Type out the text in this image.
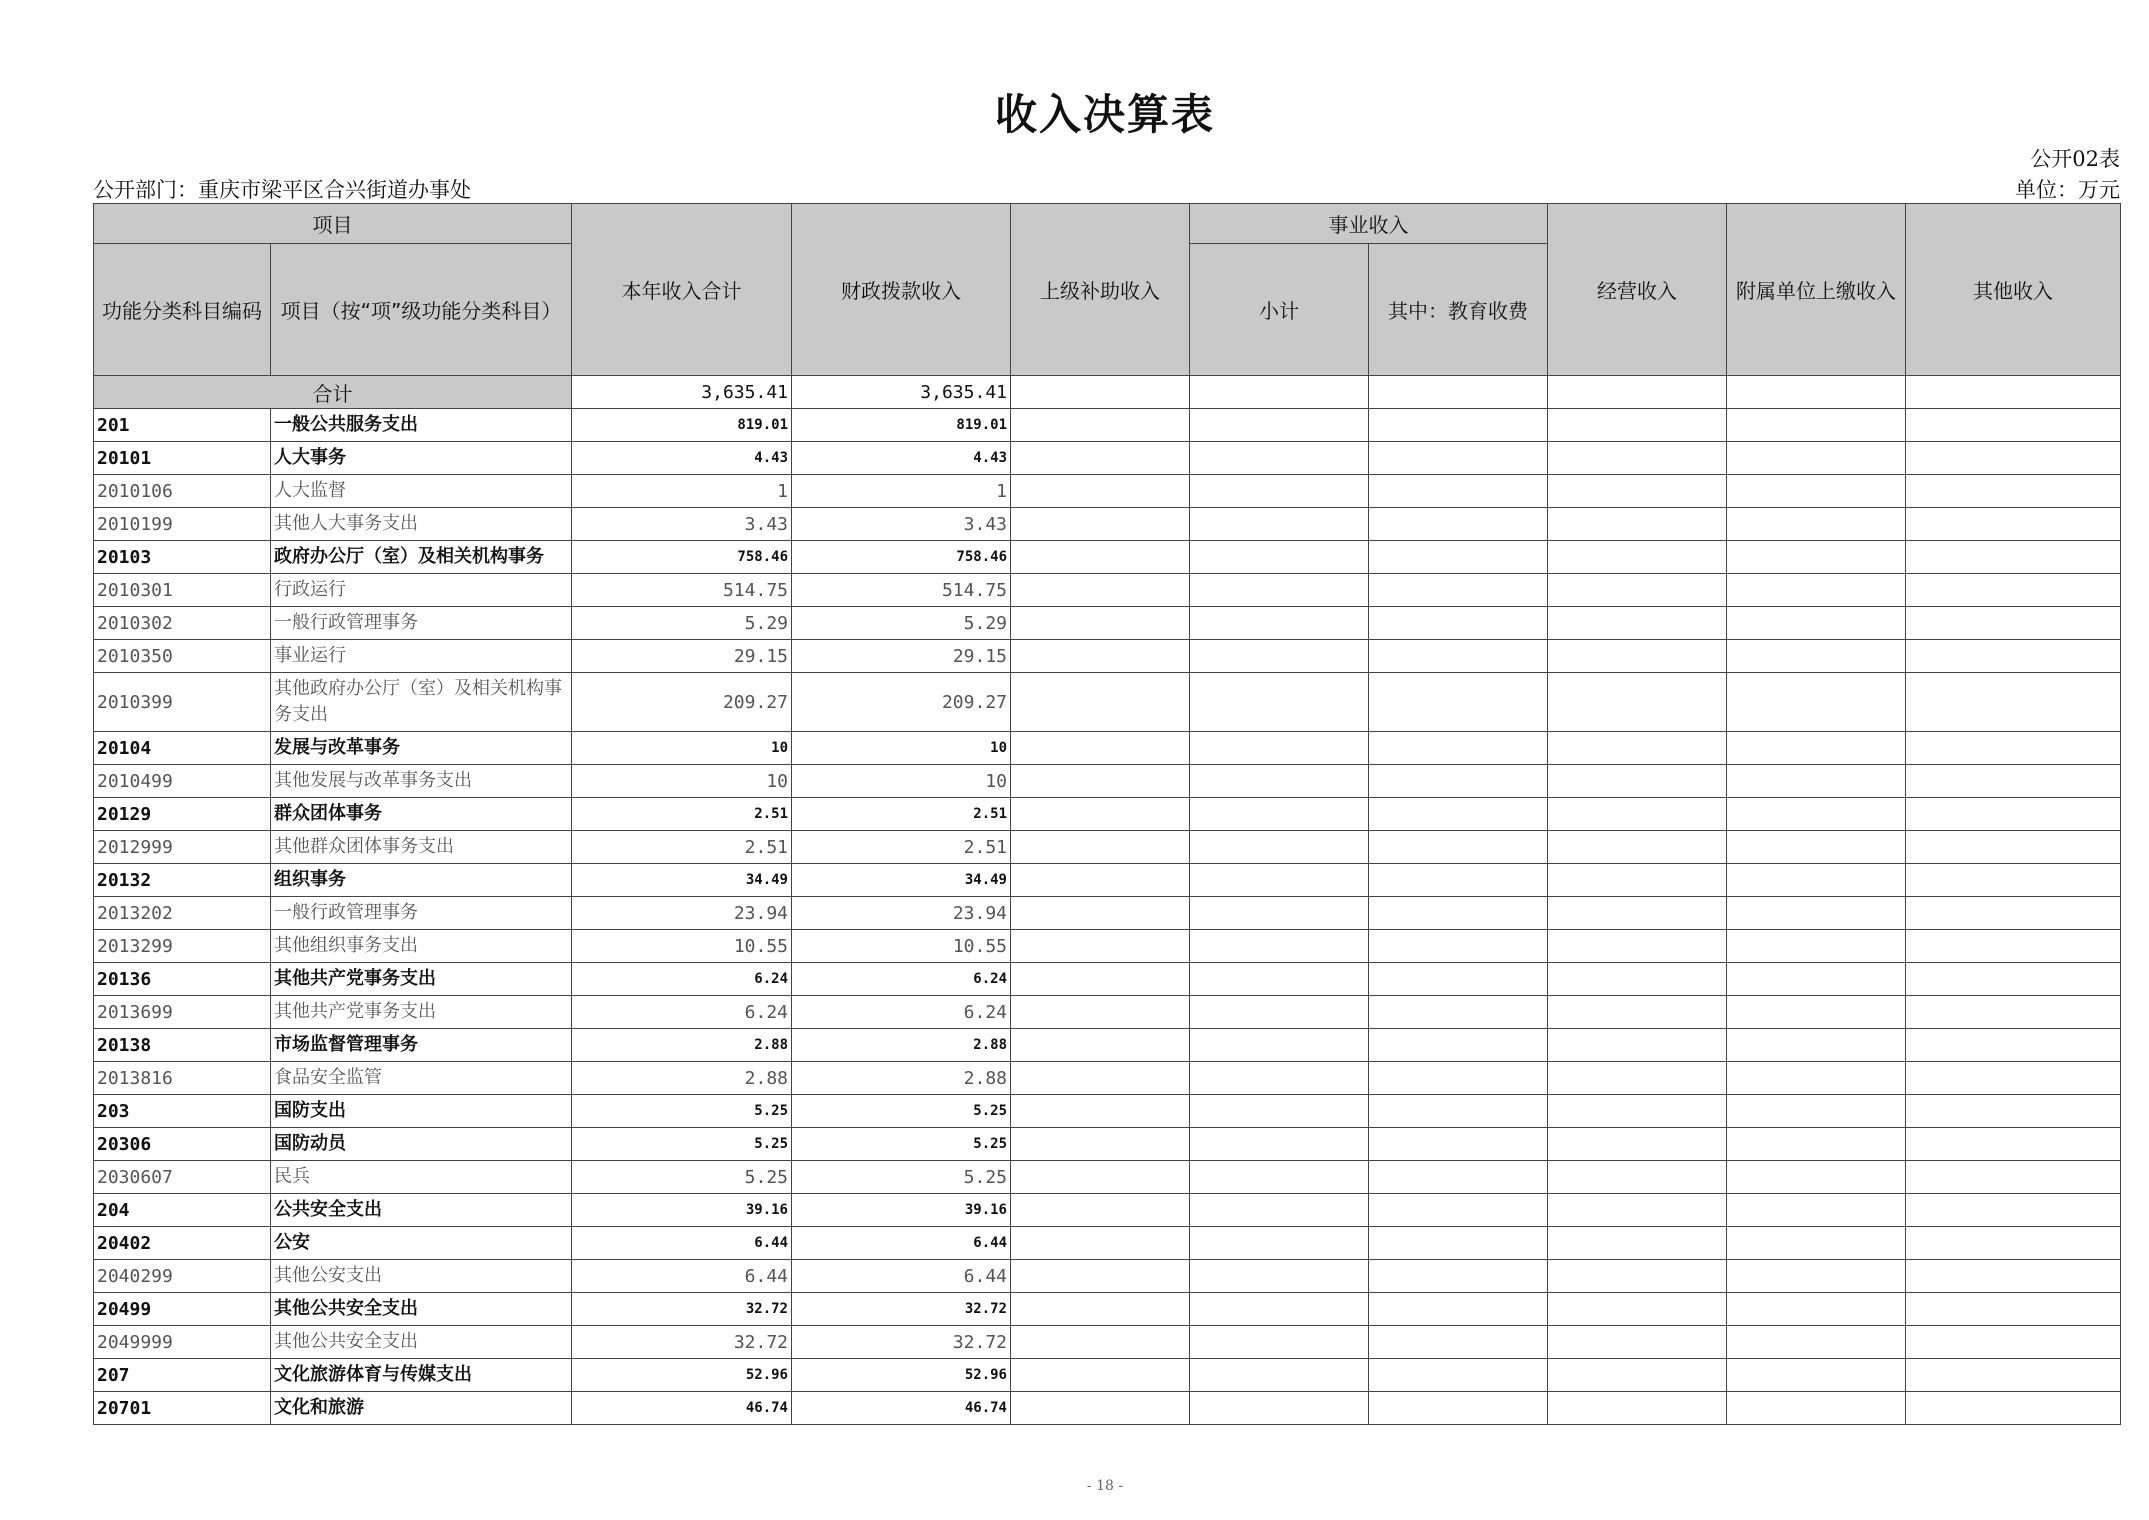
收入决算表
公开02表
公开部门：重庆市梁平区合兴街道办事处	单位：万元
项目		本年收入合计	财政拨款收入	上级补助收入	事业收入		经营收入	附属单位上缴收入	其他收入
功能分类科目编码	项目（按“项”级功能分类科目）				小计	其中：教育收费			
合计		3,635.41	3,635.41						
201	一般公共服务支出	819.01	819.01						
20101	人大事务	4.43	4.43						
2010106	人大监督	1	1						
2010199	其他人大事务支出	3.43	3.43						
20103	政府办公厅（室）及相关机构事务	758.46	758.46						
2010301	行政运行	514.75	514.75						
2010302	一般行政管理事务	5.29	5.29						
2010350	事业运行	29.15	29.15						
2010399	其他政府办公厅（室）及相关机构事务支出	209.27	209.27						
20104	发展与改革事务	10	10						
2010499	其他发展与改革事务支出	10	10						
20129	群众团体事务	2.51	2.51						
2012999	其他群众团体事务支出	2.51	2.51						
20132	组织事务	34.49	34.49						
2013202	一般行政管理事务	23.94	23.94						
2013299	其他组织事务支出	10.55	10.55						
20136	其他共产党事务支出	6.24	6.24						
2013699	其他共产党事务支出	6.24	6.24						
20138	市场监督管理事务	2.88	2.88						
2013816	食品安全监管	2.88	2.88						
203	国防支出	5.25	5.25						
20306	国防动员	5.25	5.25						
2030607	民兵	5.25	5.25						
204	公共安全支出	39.16	39.16						
20402	公安	6.44	6.44						
2040299	其他公安支出	6.44	6.44						
20499	其他公共安全支出	32.72	32.72						
2049999	其他公共安全支出	32.72	32.72						
207	文化旅游体育与传媒支出	52.96	52.96						
20701	文化和旅游	46.74	46.74						
- 18 -
